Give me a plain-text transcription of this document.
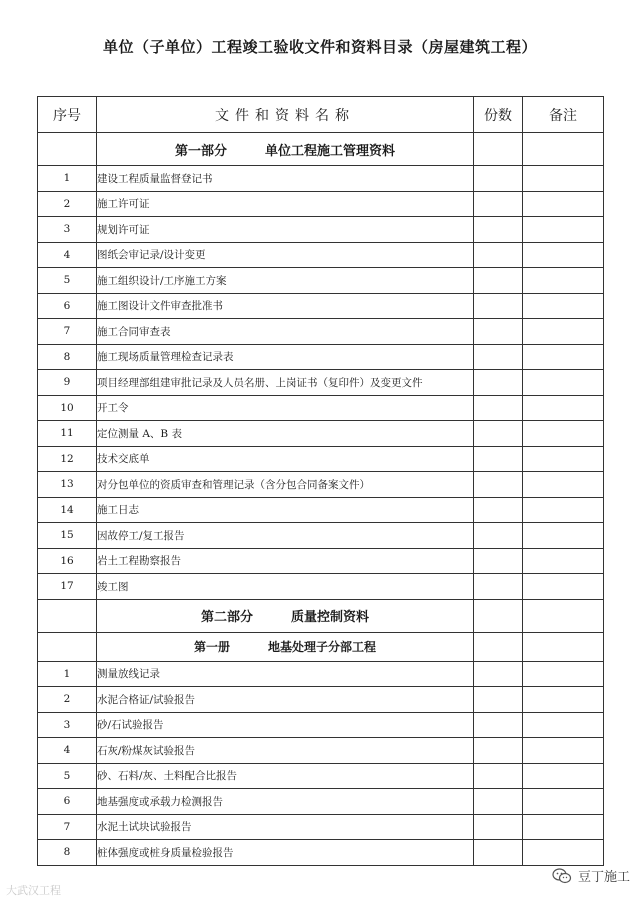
单位（子单位）工程竣工验收文件和资料目录（房屋建筑工程）
序号	文件和资料名称	份数	备注
	第一部分 单位工程施工管理资料		
1	建设工程质量监督登记书		
2	施工许可证		
3	规划许可证		
4	图纸会审记录/设计变更		
5	施工组织设计/工序施工方案		
6	施工图设计文件审查批准书		
7	施工合同审查表		
8	施工现场质量管理检查记录表		
9	项目经理部组建审批记录及人员名册、上岗证书（复印件）及变更文件		
10	开工令		
11	定位测量 A、B 表		
12	技术交底单		
13	对分包单位的资质审查和管理记录（含分包合同备案文件）		
14	施工日志		
15	因故停工/复工报告		
16	岩土工程勘察报告		
17	竣工图		
	第二部分 质量控制资料		
	第一册 地基处理子分部工程		
1	测量放线记录		
2	水泥合格证/试验报告		
3	砂/石试验报告		
4	石灰/粉煤灰试验报告		
5	砂、石料/灰、土料配合比报告		
6	地基强度或承载力检测报告		
7	水泥土试块试验报告		
8	桩体强度或桩身质量检验报告		
大武汉工程
豆丁施工
